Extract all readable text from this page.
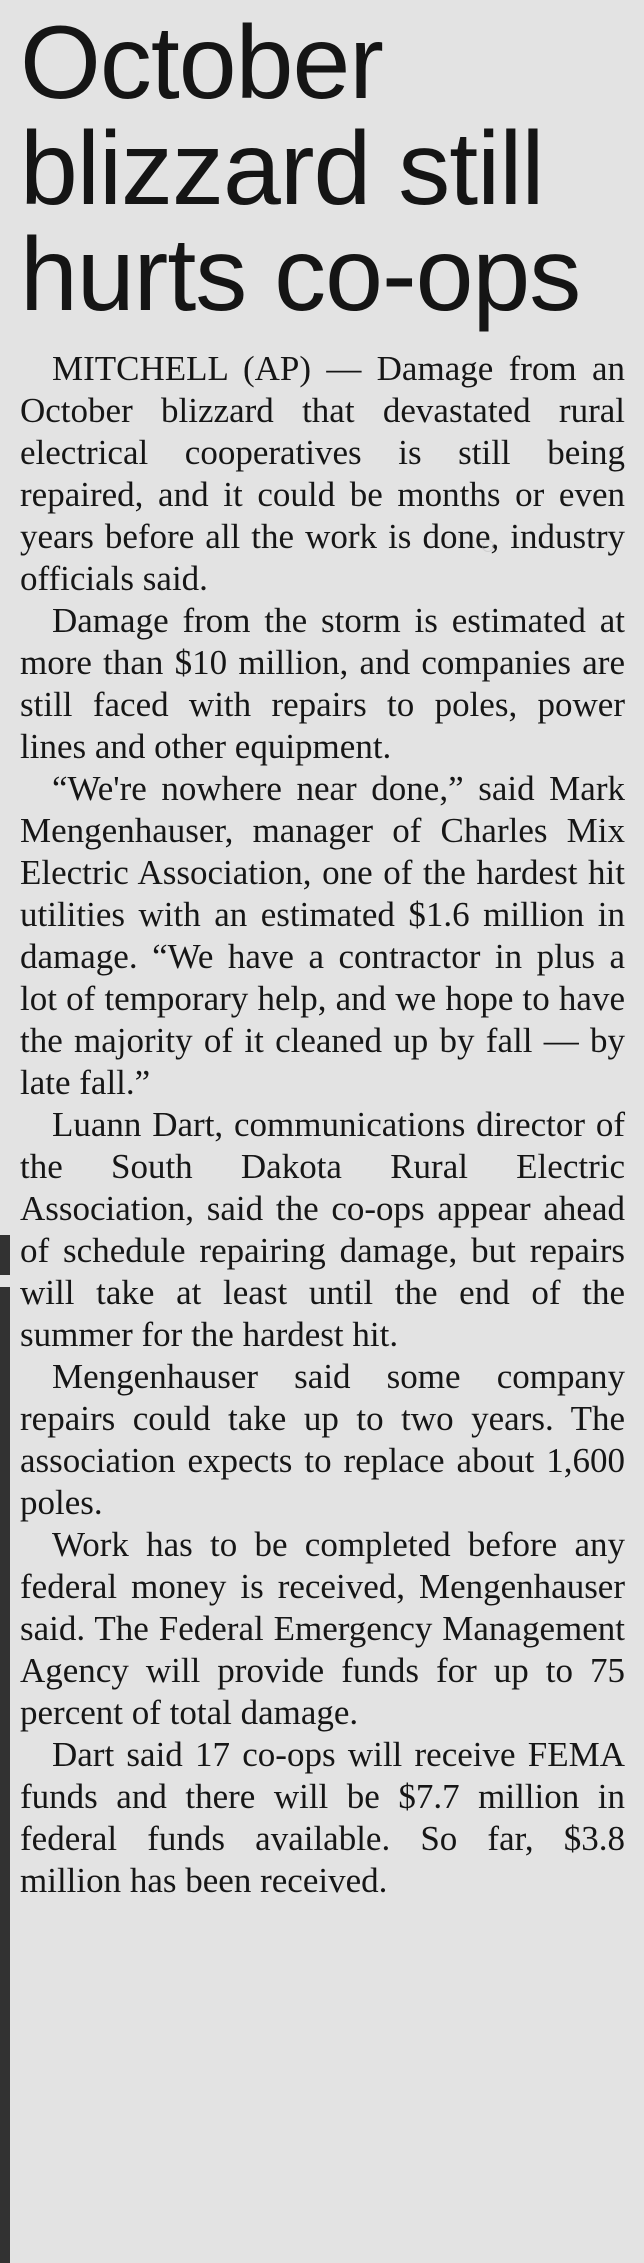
October blizzard still hurts co-ops

MITCHELL (AP) — Damage from an October blizzard that devastated rural electrical cooperatives is still being repaired, and it could be months or even years before all the work is done, industry officials said.

Damage from the storm is estimated at more than $10 million, and companies are still faced with repairs to poles, power lines and other equipment.

“We're nowhere near done,” said Mark Mengenhauser, manager of Charles Mix Electric Association, one of the hardest hit utilities with an estimated $1.6 million in damage. “We have a contractor in plus a lot of temporary help, and we hope to have the majority of it cleaned up by fall — by late fall.”

Luann Dart, communications director of the South Dakota Rural Electric Association, said the co-ops appear ahead of schedule repairing damage, but repairs will take at least until the end of the summer for the hardest hit.

Mengenhauser said some company repairs could take up to two years. The association expects to replace about 1,600 poles.

Work has to be completed before any federal money is received, Mengenhauser said. The Federal Emergency Management Agency will provide funds for up to 75 percent of total damage.

Dart said 17 co-ops will receive FEMA funds and there will be $7.7 million in federal funds available. So far, $3.8 million has been received.
